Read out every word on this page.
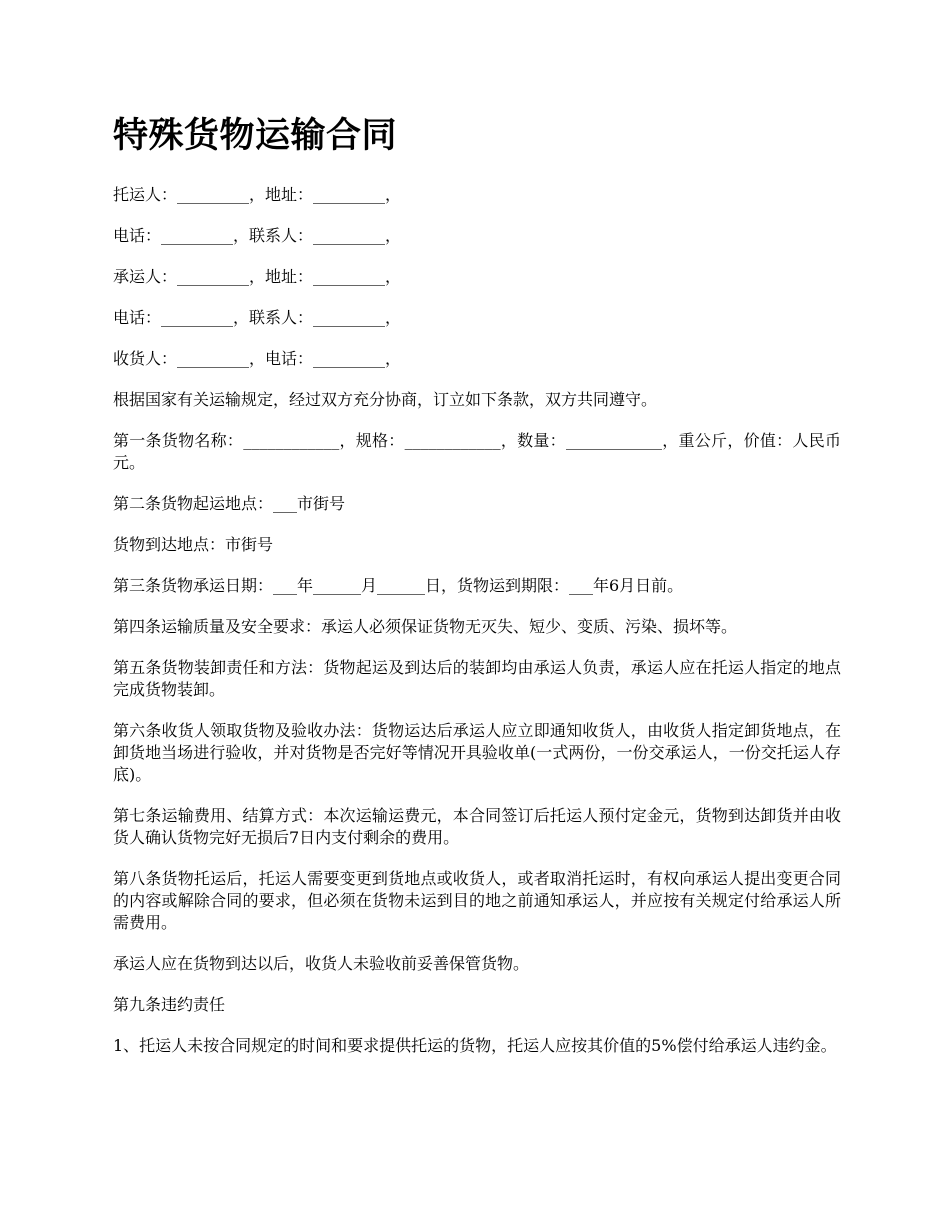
特殊货物运输合同

托运人：_________，地址：_________，

电话：_________，联系人：_________，

承运人：_________，地址：_________，

电话：_________，联系人：_________，

收货人：_________，电话：_________，

根据国家有关运输规定，经过双方充分协商，订立如下条款，双方共同遵守。

第一条货物名称：____________，规格：____________，数量：____________，重公斤，价值：人民币元。

第二条货物起运地点：___市街号

货物到达地点：市街号

第三条货物承运日期：___年______月______日，货物运到期限：___年6月日前。

第四条运输质量及安全要求：承运人必须保证货物无灭失、短少、变质、污染、损坏等。

第五条货物装卸责任和方法：货物起运及到达后的装卸均由承运人负责，承运人应在托运人指定的地点完成货物装卸。

第六条收货人领取货物及验收办法：货物运达后承运人应立即通知收货人，由收货人指定卸货地点，在卸货地当场进行验收，并对货物是否完好等情况开具验收单(一式两份，一份交承运人，一份交托运人存底)。

第七条运输费用、结算方式：本次运输运费元，本合同签订后托运人预付定金元，货物到达卸货并由收货人确认货物完好无损后7日内支付剩余的费用。

第八条货物托运后，托运人需要变更到货地点或收货人，或者取消托运时，有权向承运人提出变更合同的内容或解除合同的要求，但必须在货物未运到目的地之前通知承运人，并应按有关规定付给承运人所需费用。

承运人应在货物到达以后，收货人未验收前妥善保管货物。

第九条违约责任

1、托运人未按合同规定的时间和要求提供托运的货物，托运人应按其价值的5%偿付给承运人违约金。
